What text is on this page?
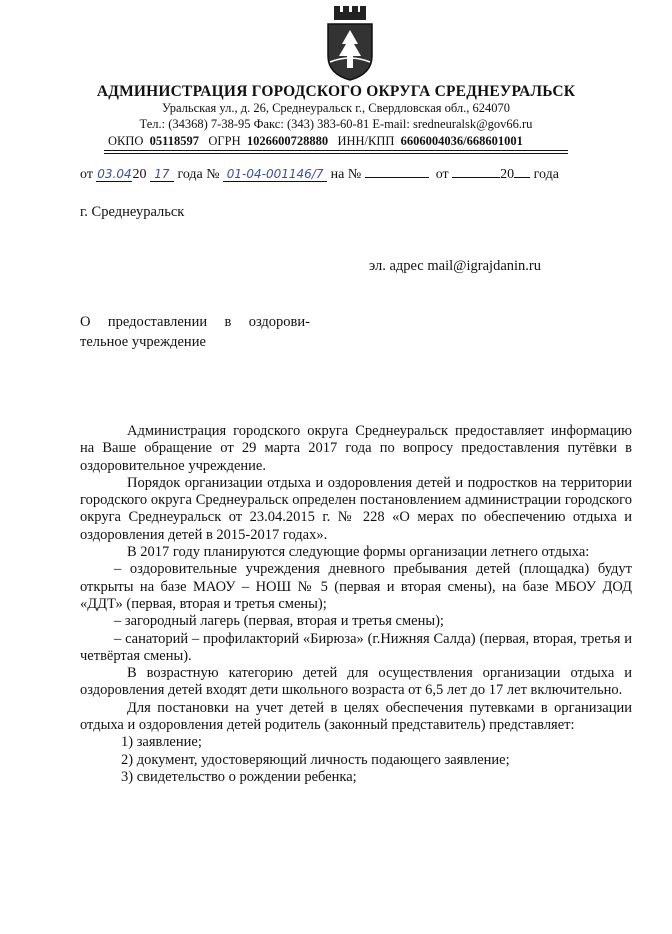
АДМИНИСТРАЦИЯ ГОРОДСКОГО ОКРУГА СРЕДНЕУРАЛЬСК
Уральская ул., д. 26, Среднеуральск г., Свердловская обл., 624070
Тел.: (34368) 7-38-95 Факс: (343) 383-60-81 E-mail: sredneuralsk@gov66.ru
ОКПО 05118597 ОГРН 1026600728880 ИНН/КПП 6606004036/668601001
от 03.0420 17 года № 01-04-001146/7 на №	от	20 года
г. Среднеуральск
эл. адрес mail@igrajdanin.ru
О предоставлении в оздорови-тельное учреждение

Администрация городского округа Среднеуральск предоставляет информацию на Ваше обращение от 29 марта 2017 года по вопросу предоставления путёвки в оздоровительное учреждение.

Порядок организации отдыха и оздоровления детей и подростков на территории городского округа Среднеуральск определен постановлением администрации городского округа Среднеуральск от 23.04.2015 г. № 228 «О мерах по обеспечению отдыха и оздоровления детей в 2015-2017 годах».

В 2017 году планируются следующие формы организации летнего отдыха:

– оздоровительные учреждения дневного пребывания детей (площадка) будут открыты на базе МАОУ – НОШ № 5 (первая и вторая смены), на базе МБОУ ДОД «ДДТ» (первая, вторая и третья смены);

– загородный лагерь (первая, вторая и третья смены);

– санаторий – профилакторий «Бирюза» (г.Нижняя Салда) (первая, вторая, третья и четвёртая смены).

В возрастную категорию детей для осуществления организации отдыха и оздоровления детей входят дети школьного возраста от 6,5 лет до 17 лет включительно.

Для постановки на учет детей в целях обеспечения путевками в организации отдыха и оздоровления детей родитель (законный представитель) представляет:

1) заявление;

2) документ, удостоверяющий личность подающего заявление;

3) свидетельство о рождении ребенка;
